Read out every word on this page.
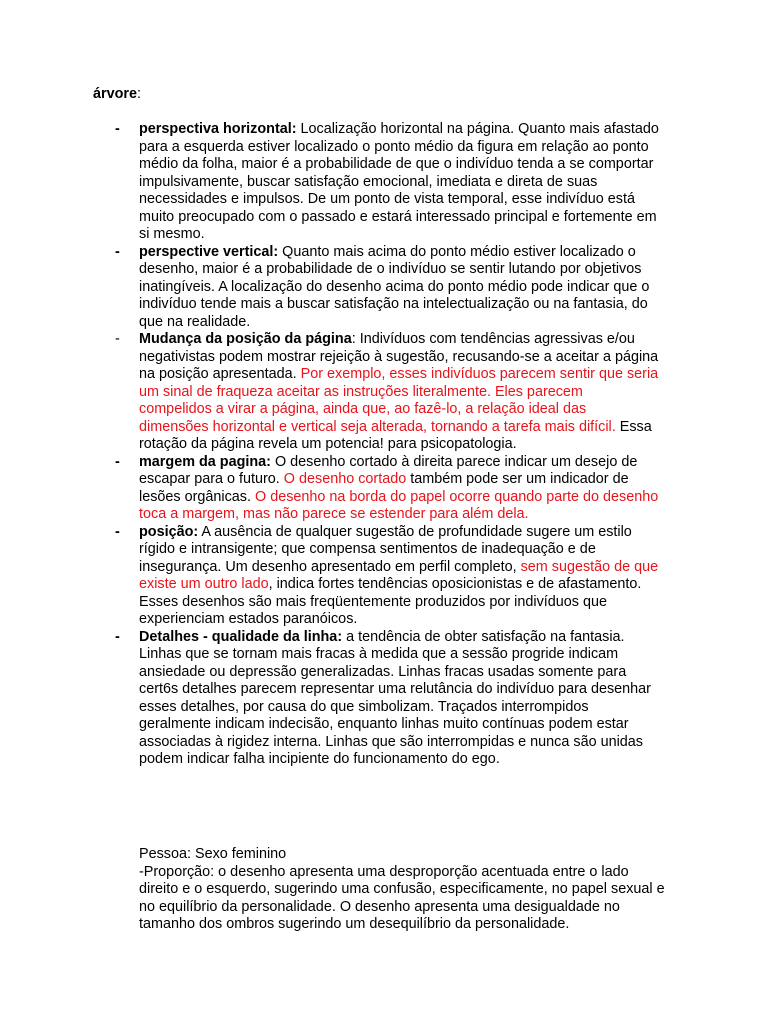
árvore:
- perspectiva horizontal: Localização horizontal na página. Quanto mais afastado para a esquerda estiver localizado o ponto médio da figura em relação ao ponto médio da folha, maior é a probabilidade de que o indivíduo tenda a se comportar impulsivamente, buscar satisfação emocional, imediata e direta de suas necessidades e impulsos. De um ponto de vista temporal, esse indivíduo está muito preocupado com o passado e estará interessado principal e fortemente em si mesmo.
- perspective vertical: Quanto mais acima do ponto médio estiver localizado o desenho, maior é a probabilidade de o indivíduo se sentir lutando por objetivos inatingíveis. A localização do desenho acima do ponto médio pode indicar que o indivíduo tende mais a buscar satisfação na intelectualização ou na fantasia, do que na realidade.
- Mudança da posição da página: Indivíduos com tendências agressivas e/ou negativistas podem mostrar rejeição à sugestão, recusando-se a aceitar a página na posição apresentada. Por exemplo, esses indivíduos parecem sentir que seria um sinal de fraqueza aceitar as instruções literalmente. Eles parecem compelidos a virar a página, ainda que, ao fazê-lo, a relação ideal das dimensões horizontal e vertical seja alterada, tornando a tarefa mais difícil. Essa rotação da página revela um potencia! para psicopatologia.
- margem da pagina: O desenho cortado à direita parece indicar um desejo de escapar para o futuro. O desenho cortado também pode ser um indicador de lesões orgânicas. O desenho na borda do papel ocorre quando parte do desenho toca a margem, mas não parece se estender para além dela.
- posição: A ausência de qualquer sugestão de profundidade sugere um estilo rígido e intransigente; que compensa sentimentos de inadequação e de insegurança. Um desenho apresentado em perfil completo, sem sugestão de que existe um outro lado, indica fortes tendências oposicionistas e de afastamento. Esses desenhos são mais freqüentemente produzidos por indivíduos que experienciam estados paranóicos.
- Detalhes - qualidade da linha: a tendência de obter satisfação na fantasia. Linhas que se tornam mais fracas à medida que a sessão progride indicam ansiedade ou depressão generalizadas. Linhas fracas usadas somente para cert6s detalhes parecem representar uma relutância do indivíduo para desenhar esses detalhes, por causa do que simbolizam. Traçados interrompidos geralmente indicam indecisão, enquanto linhas muito contínuas podem estar associadas à rigidez interna. Linhas que são interrompidas e nunca são unidas podem indicar falha incipiente do funcionamento do ego.
Pessoa: Sexo feminino
-Proporção: o desenho apresenta uma desproporção acentuada entre o lado direito e o esquerdo, sugerindo uma confusão, especificamente, no papel sexual e no equilíbrio da personalidade. O desenho apresenta uma desigualdade no tamanho dos ombros sugerindo um desequilíbrio da personalidade.
